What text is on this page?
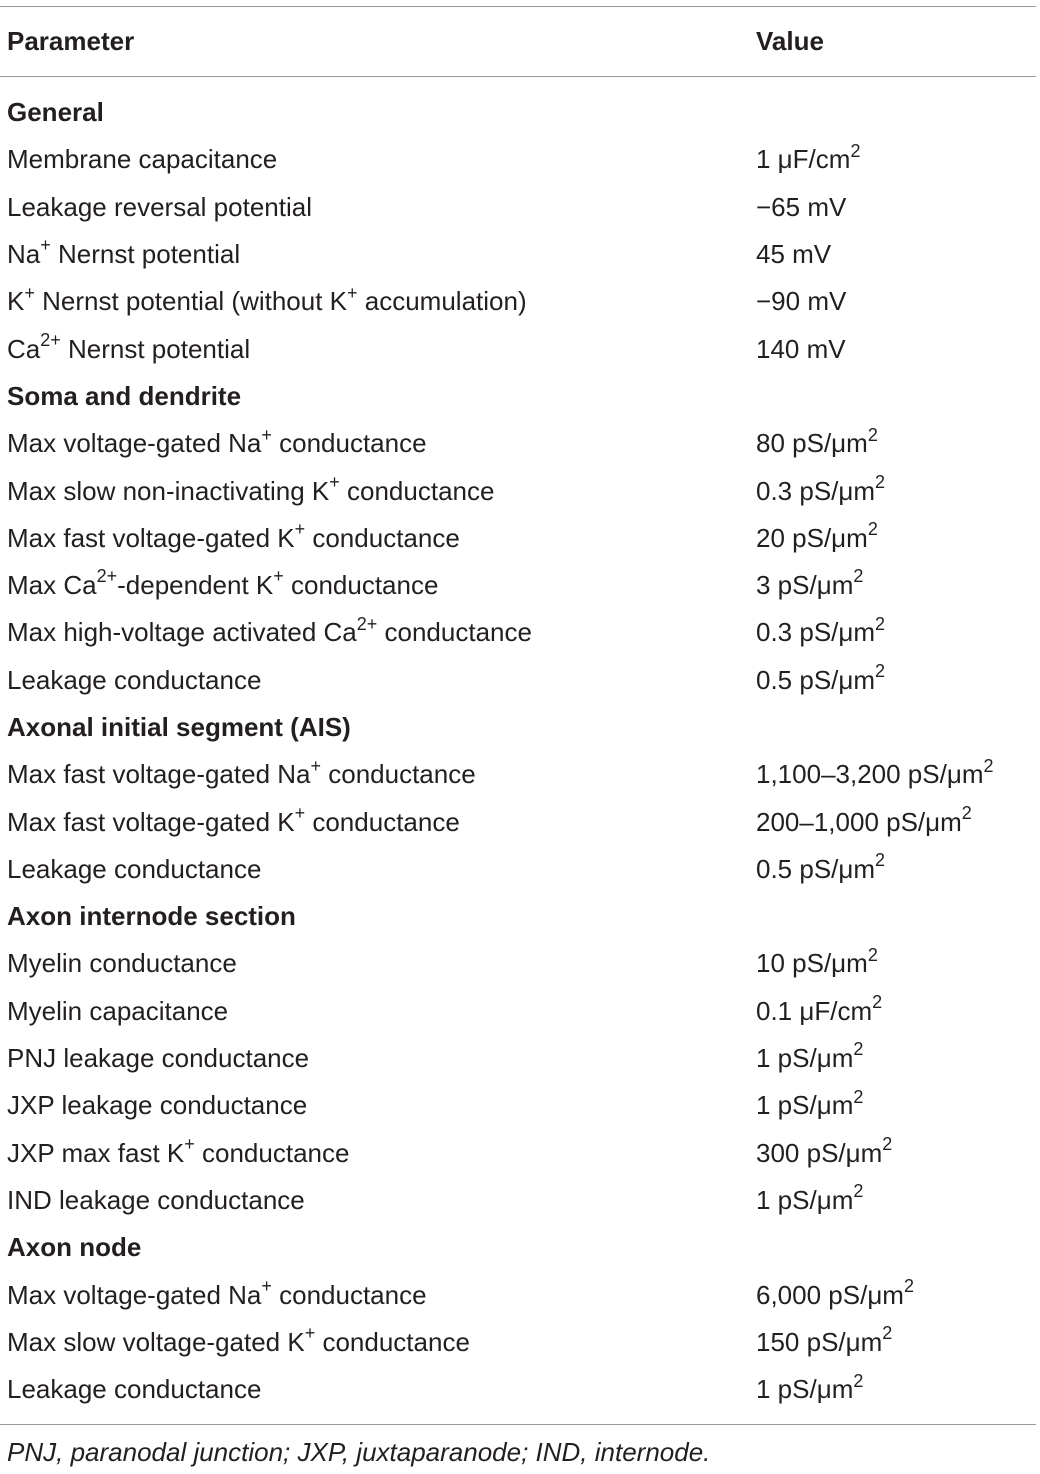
Parameter	Value
General
Membrane capacitance	1 $\mu F/cm^2$
Leakage reversal potential	−65 mV
Na+ Nernst potential	45 mV
K+ Nernst potential (without K+ accumulation)	−90 mV
$Ca^{2+}$ Nernst potential	140 mV
Soma and dendrite
Max voltage-gated Na+ conductance	80 $pS/\mu m^2$
Max slow non-inactivating K+ conductance	0.3 $pS/\mu m^2$
Max fast voltage-gated K+ conductance	20 $pS/\mu m^2$
Max $Ca^{2+}$-dependent K+ conductance	3 $pS/\mu m^2$
Max high-voltage activated $Ca^{2+}$ conductance	0.3 $pS/\mu m^2$
Leakage conductance	0.5 $pS/\mu m^2$
Axonal initial segment (AIS)
Max fast voltage-gated Na+ conductance	1,100–3,200 $pS/\mu m^2$
Max fast voltage-gated K+ conductance	200–1,000 $pS/\mu m^2$
Leakage conductance	0.5 $pS/\mu m^2$
Axon internode section
Myelin conductance	10 $pS/\mu m^2$
Myelin capacitance	0.1 $\mu F/cm^2$
PNJ leakage conductance	1 $pS/\mu m^2$
JXP leakage conductance	1 $pS/\mu m^2$
JXP max fast K+ conductance	300 $pS/\mu m^2$
IND leakage conductance	1 $pS/\mu m^2$
Axon node
Max voltage-gated Na+ conductance	6,000 $pS/\mu m^2$
Max slow voltage-gated K+ conductance	150 $pS/\mu m^2$
Leakage conductance	1 $pS/\mu m^2$
PNJ, paranodal junction; JXP, juxtaparanode; IND, internode.
